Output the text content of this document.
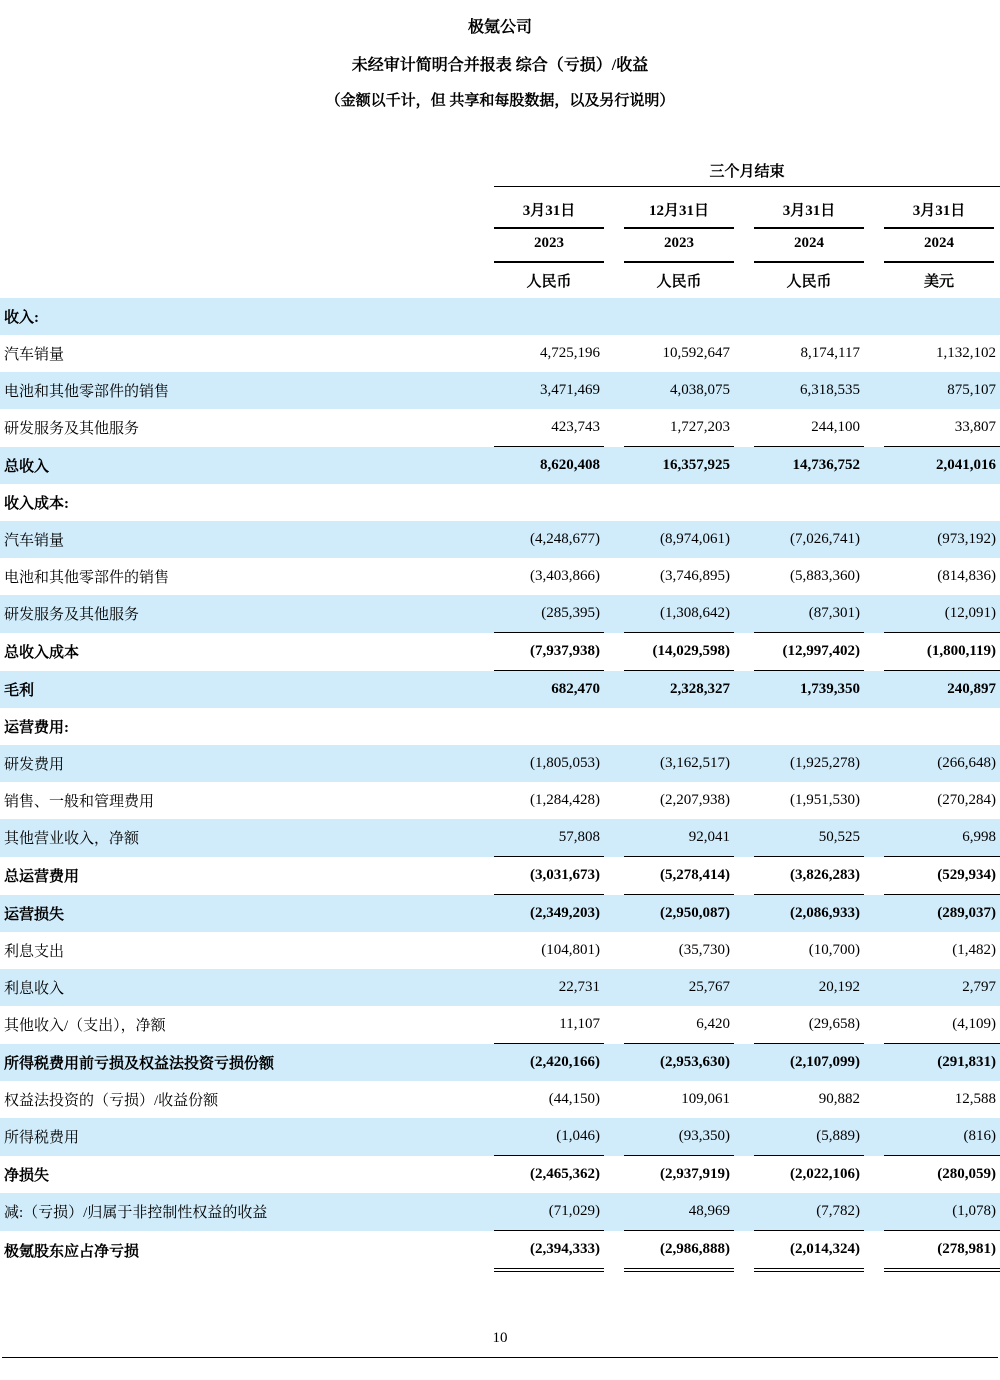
极氪公司
未经审计简明合并报表 综合（亏损）/收益
（金额以千计，但 共享和每股数据，以及另行说明）
三个月结束
3月31日	12月31日	3月31日	3月31日
2023	2023	2024	2024
人民币	人民币	人民币	美元
收入:							
汽车销量	4,725,196		10,592,647		8,174,117		1,132,102
电池和其他零部件的销售	3,471,469		4,038,075		6,318,535		875,107
研发服务及其他服务	423,743		1,727,203		244,100		33,807
总收入	8,620,408		16,357,925		14,736,752		2,041,016
收入成本:							
汽车销量	(4,248,677)		(8,974,061)		(7,026,741)		(973,192)
电池和其他零部件的销售	(3,403,866)		(3,746,895)		(5,883,360)		(814,836)
研发服务及其他服务	(285,395)		(1,308,642)		(87,301)		(12,091)
总收入成本	(7,937,938)		(14,029,598)		(12,997,402)		(1,800,119)
毛利	682,470		2,328,327		1,739,350		240,897
运营费用:							
研发费用	(1,805,053)		(3,162,517)		(1,925,278)		(266,648)
销售、一般和管理费用	(1,284,428)		(2,207,938)		(1,951,530)		(270,284)
其他营业收入，净额	57,808		92,041		50,525		6,998
总运营费用	(3,031,673)		(5,278,414)		(3,826,283)		(529,934)
运营损失	(2,349,203)		(2,950,087)		(2,086,933)		(289,037)
利息支出	(104,801)		(35,730)		(10,700)		(1,482)
利息收入	22,731		25,767		20,192		2,797
其他收入/（支出），净额	11,107		6,420		(29,658)		(4,109)
所得税费用前亏损及权益法投资亏损份额	(2,420,166)		(2,953,630)		(2,107,099)		(291,831)
权益法投资的（亏损）/收益份额	(44,150)		109,061		90,882		12,588
所得税费用	(1,046)		(93,350)		(5,889)		(816)
净损失	(2,465,362)		(2,937,919)		(2,022,106)		(280,059)
减:（亏损）/归属于非控制性权益的收益	(71,029)		48,969		(7,782)		(1,078)
极氪股东应占净亏损	(2,394,333)		(2,986,888)		(2,014,324)		(278,981)
10
